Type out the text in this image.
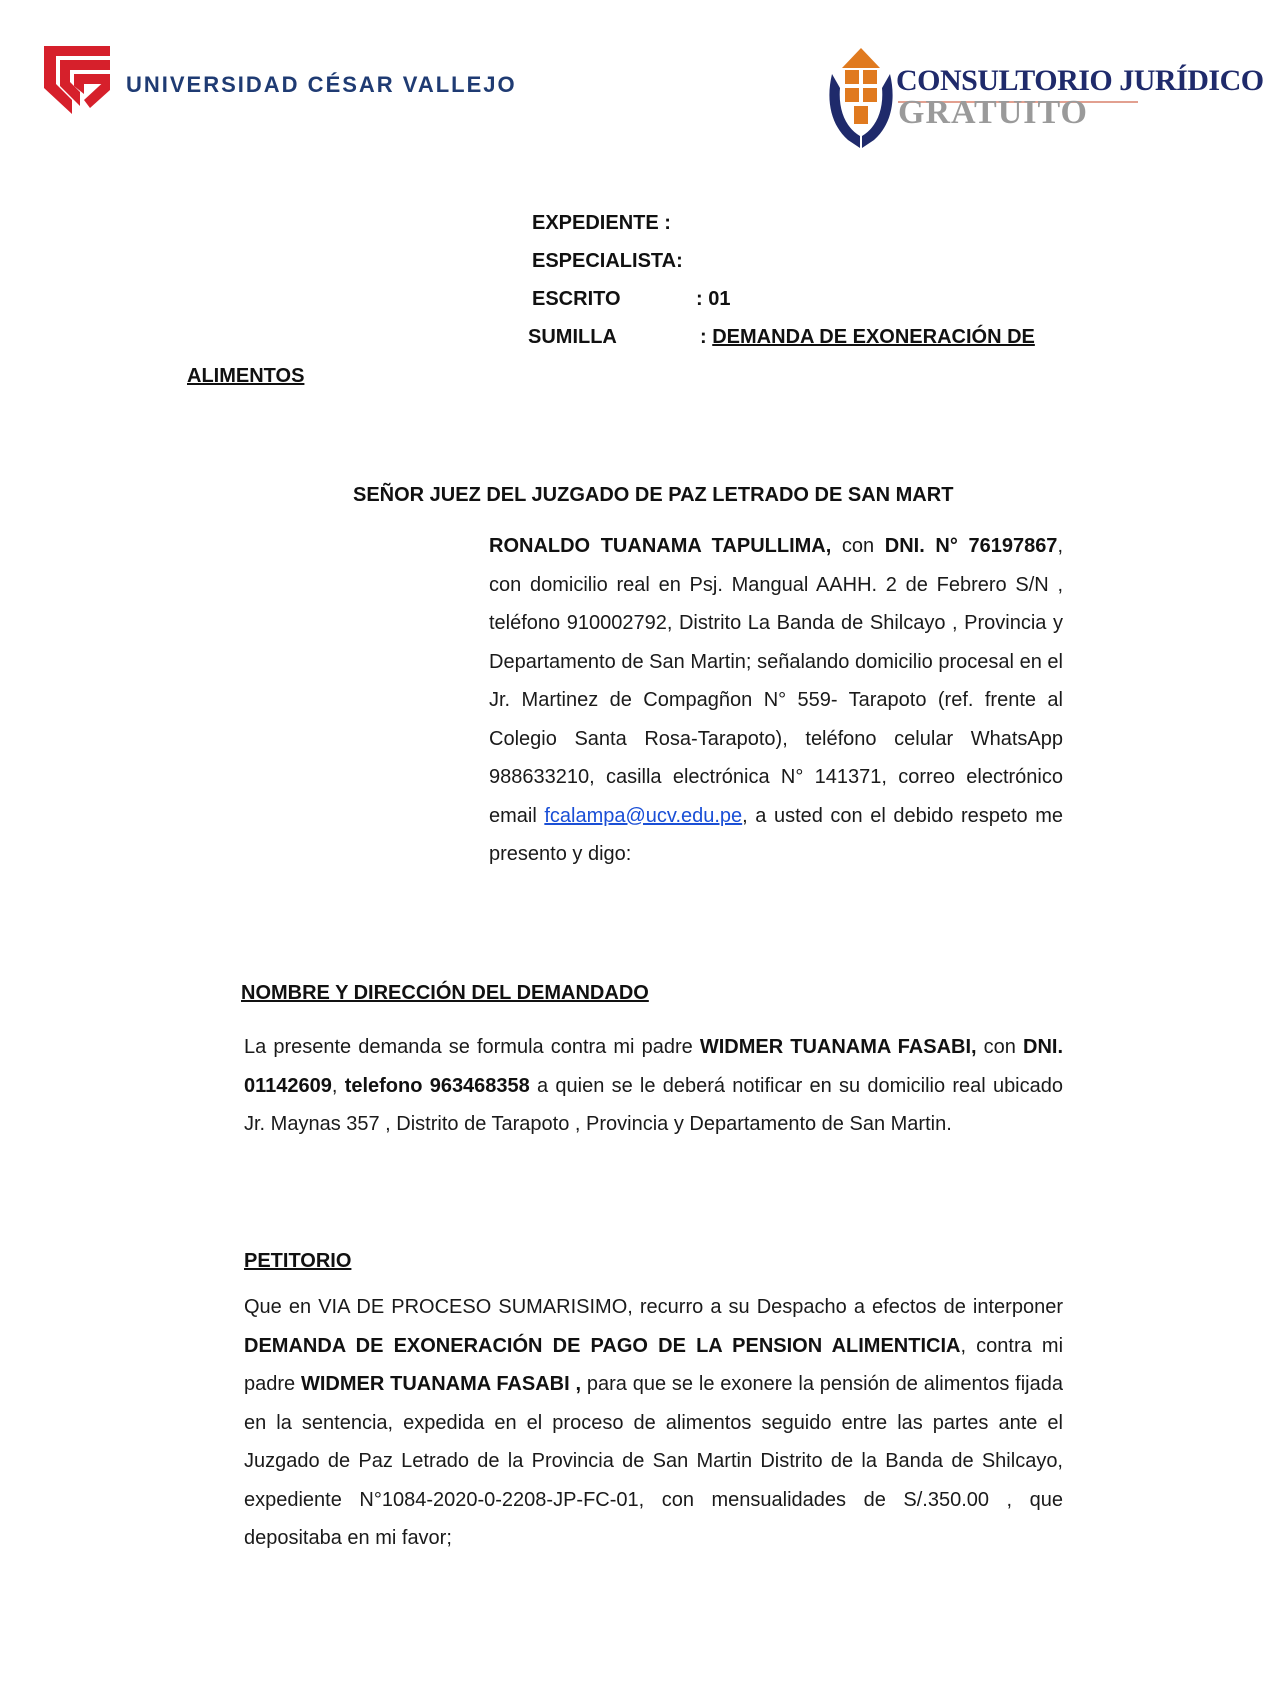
UNIVERSIDAD CÉSAR VALLEJO	CONSULTORIO JURÍDICO
GRATUITO
EXPEDIENTE :
ESPECIALISTA:
ESCRITO	: 01
SUMILLA	: DEMANDA DE EXONERACIÓN DE
ALIMENTOS
SEÑOR JUEZ DEL JUZGADO DE PAZ LETRADO DE SAN MART
RONALDO TUANAMA TAPULLIMA, con DNI. N° 76197867, con domicilio real en Psj. Mangual AAHH. 2 de Febrero S/N , teléfono 910002792, Distrito La Banda de Shilcayo , Provincia y Departamento de San Martin; señalando domicilio procesal en el Jr. Martinez de Compagñon N° 559- Tarapoto (ref. frente al Colegio Santa Rosa-Tarapoto), teléfono celular WhatsApp 988633210, casilla electrónica N° 141371, correo electrónico email fcalampa@ucv.edu.pe, a usted con el debido respeto me presento y digo:
NOMBRE Y DIRECCIÓN DEL DEMANDADO
La presente demanda se formula contra mi padre WIDMER TUANAMA FASABI, con DNI. 01142609, telefono 963468358 a quien se le deberá notificar en su domicilio real ubicado Jr. Maynas 357 , Distrito de Tarapoto , Provincia y Departamento de San Martin.
PETITORIO
Que en VIA DE PROCESO SUMARISIMO, recurro a su Despacho a efectos de interponer DEMANDA DE EXONERACIÓN DE PAGO DE LA PENSION ALIMENTICIA, contra mi padre WIDMER TUANAMA FASABI , para que se le exonere la pensión de alimentos fijada en la sentencia, expedida en el proceso de alimentos seguido entre las partes ante el Juzgado de Paz Letrado de la Provincia de San Martin Distrito de la Banda de Shilcayo, expediente N°1084-2020-0-2208-JP-FC-01, con mensualidades de S/.350.00 , que depositaba en mi favor;
